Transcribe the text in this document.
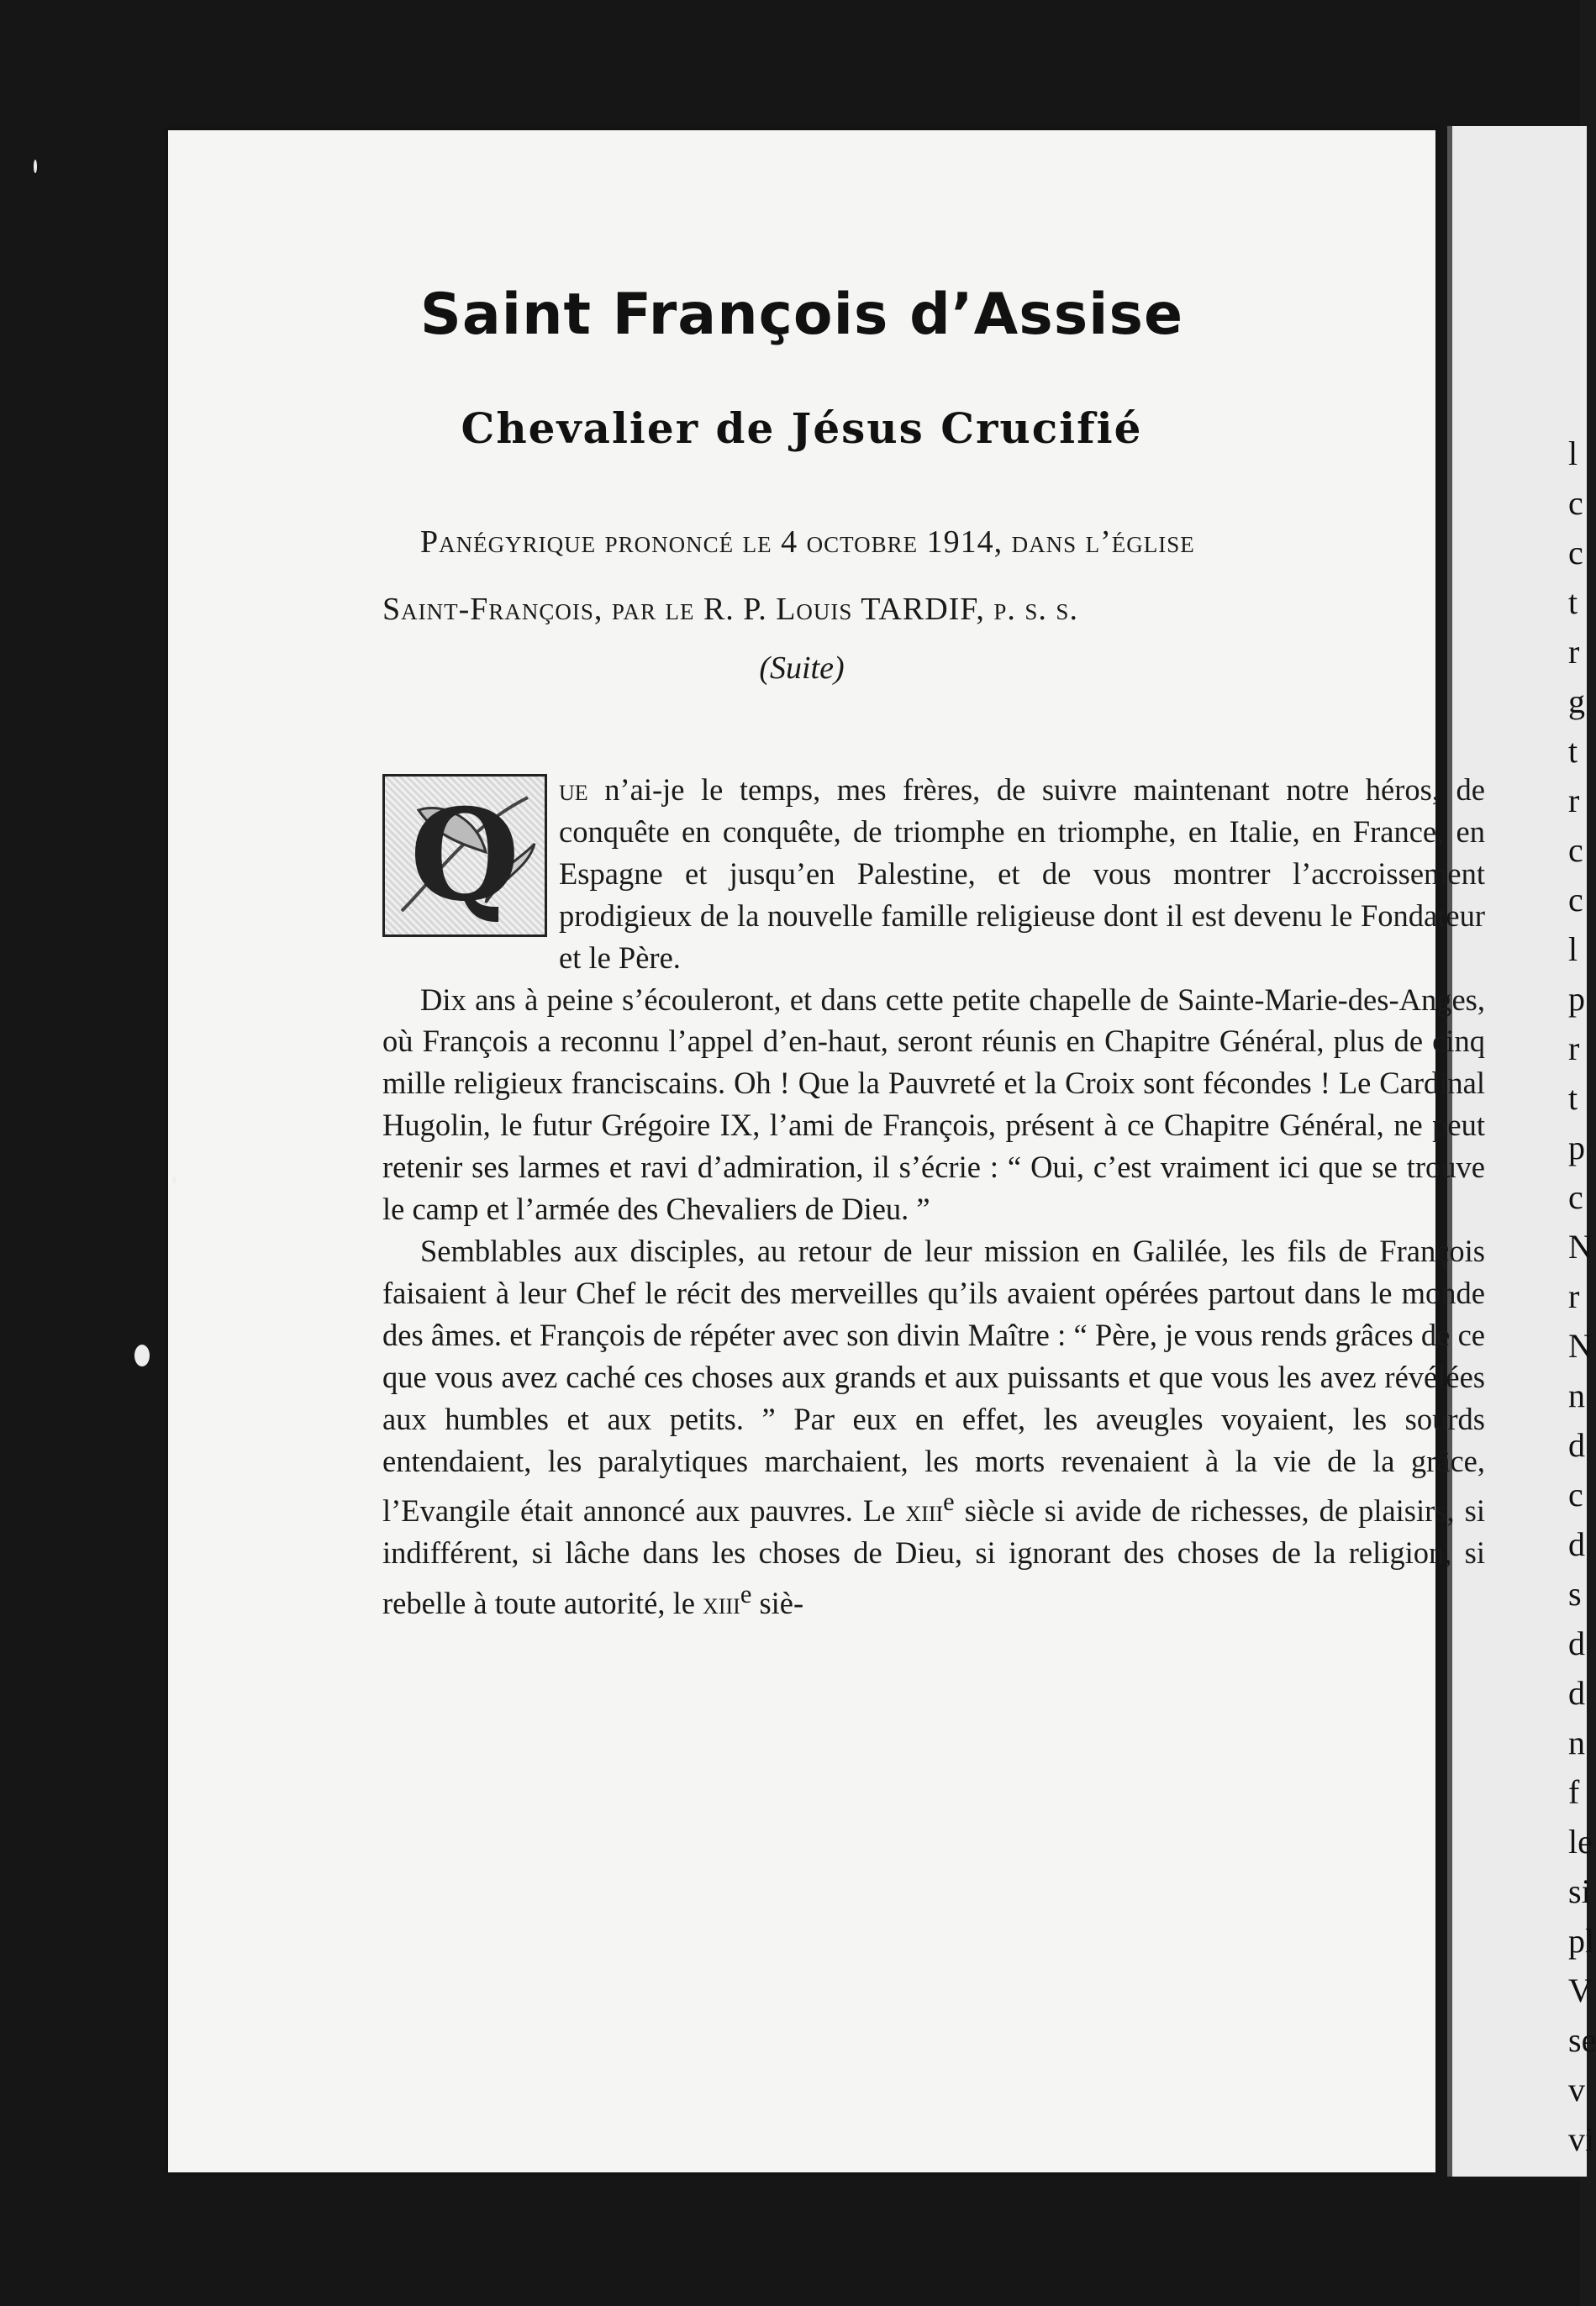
l
c
c
t
r
g
t
r
c
c
l
p
r
t
p
c
N
r
N
n
d
c
d
s
d
d
n
f
le
si
pl
V
se
v
vi
Saint François d’Assise
Chevalier de Jésus Crucifié
Panégyrique prononcé le 4 octobre 1914, dans l’église
Saint-François, par le R. P. Louis TARDIF, p. s. s.
(Suite)

Q	ue n’ai-je le temps, mes frères, de suivre maintenant notre héros, de conquête en conquête, de triomphe en triomphe, en Italie, en France, en Espagne et jusqu’en Palestine, et de vous montrer l’accroissement prodigieux de la nouvelle famille religieuse dont il est devenu le Fondateur et le Père.

Dix ans à peine s’écouleront, et dans cette petite chapelle de Sainte-Marie-des-Anges, où François a reconnu l’appel d’en-haut, seront réunis en Chapitre Général, plus de cinq mille religieux franciscains. Oh ! Que la Pauvreté et la Croix sont fécondes ! Le Cardinal Hugolin, le futur Grégoire IX, l’ami de François, présent à ce Chapitre Général, ne peut retenir ses larmes et ravi d’admiration, il s’écrie : “ Oui, c’est vraiment ici que se trouve le camp et l’armée des Chevaliers de Dieu. ”

Semblables aux disciples, au retour de leur mission en Galilée, les fils de François faisaient à leur Chef le récit des merveilles qu’ils avaient opérées partout dans le monde des âmes. et François de répéter avec son divin Maître : “ Père, je vous rends grâces de ce que vous avez caché ces choses aux grands et aux puissants et que vous les avez révélées aux humbles et aux petits. ” Par eux en effet, les aveugles voyaient, les sourds entendaient, les paralytiques marchaient, les morts revenaient à la vie de la grâce, l’Evangile était annoncé aux pauvres. Le xiii$^e$ siècle si avide de richesses, de plaisirs, si indifférent, si lâche dans les choses de Dieu, si ignorant des choses de la religion, si rebelle à toute autorité, le xiii$^e$ siè-
